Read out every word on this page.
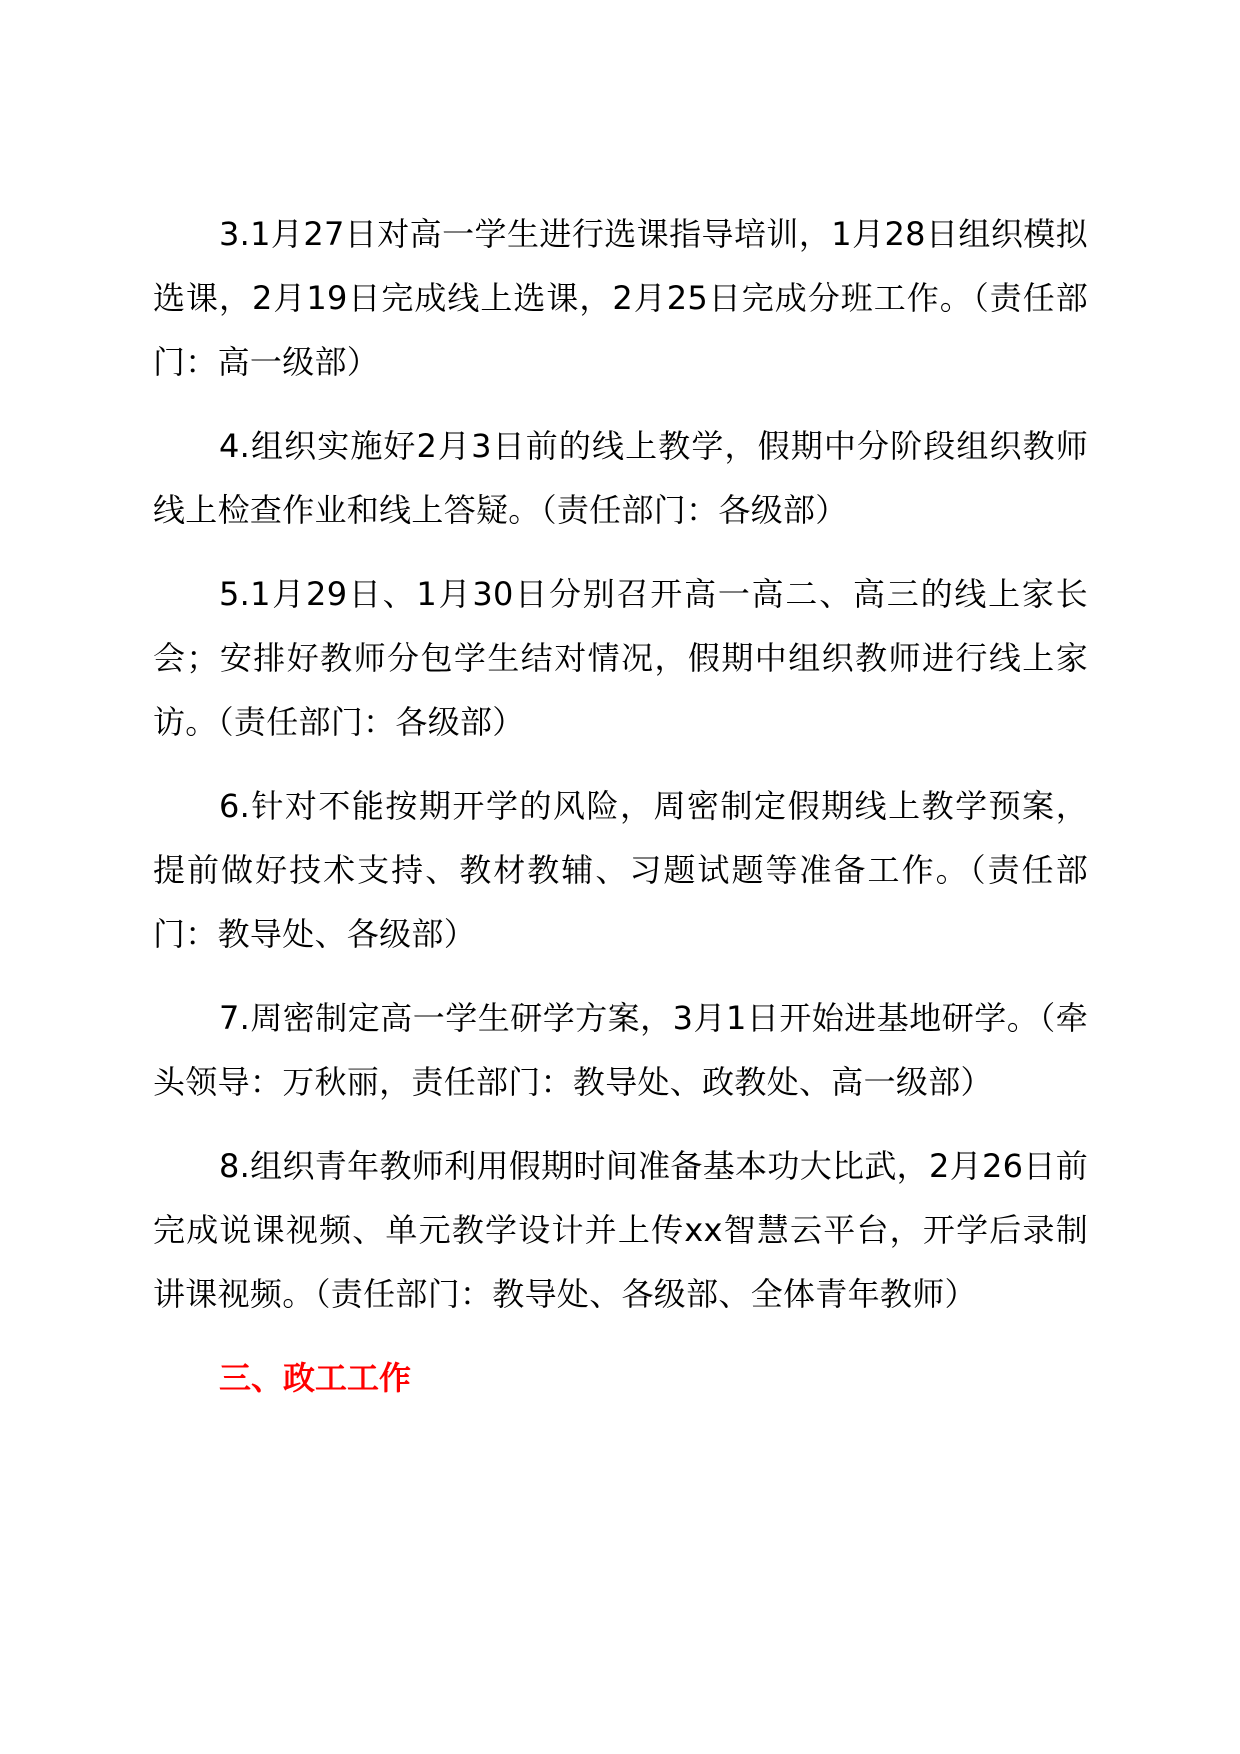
3.1月27日对高一学生进行选课指导培训，1月28日组织模拟选课，2月19日完成线上选课，2月25日完成分班工作。（责任部门：高一级部）

4.组织实施好2月3日前的线上教学，假期中分阶段组织教师线上检查作业和线上答疑。（责任部门：各级部）

5.1月29日、1月30日分别召开高一高二、高三的线上家长会；安排好教师分包学生结对情况，假期中组织教师进行线上家访。（责任部门：各级部）

6.针对不能按期开学的风险，周密制定假期线上教学预案，提前做好技术支持、教材教辅、习题试题等准备工作。（责任部门：教导处、各级部）

7.周密制定高一学生研学方案，3月1日开始进基地研学。（牵头领导：万秋丽，责任部门：教导处、政教处、高一级部）

8.组织青年教师利用假期时间准备基本功大比武，2月26日前完成说课视频、单元教学设计并上传xx智慧云平台，开学后录制讲课视频。（责任部门：教导处、各级部、全体青年教师）

三、政工工作
